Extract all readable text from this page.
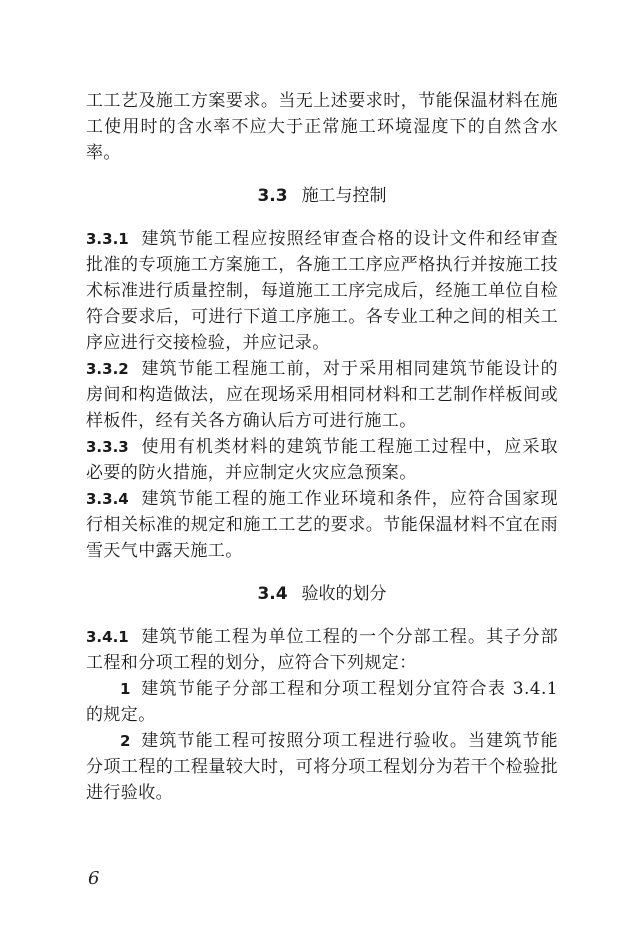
工工艺及施工方案要求。当无上述要求时，节能保温材料在施工使用时的含水率不应大于正常施工环境湿度下的自然含水率。

3.3 施工与控制

3.3.1 建筑节能工程应按照经审查合格的设计文件和经审查批准的专项施工方案施工，各施工工序应严格执行并按施工技术标准进行质量控制，每道施工工序完成后，经施工单位自检符合要求后，可进行下道工序施工。各专业工种之间的相关工序应进行交接检验，并应记录。

3.3.2 建筑节能工程施工前，对于采用相同建筑节能设计的房间和构造做法，应在现场采用相同材料和工艺制作样板间或样板件，经有关各方确认后方可进行施工。

3.3.3 使用有机类材料的建筑节能工程施工过程中，应采取必要的防火措施，并应制定火灾应急预案。

3.3.4 建筑节能工程的施工作业环境和条件，应符合国家现行相关标准的规定和施工工艺的要求。节能保温材料不宜在雨雪天气中露天施工。

3.4 验收的划分

3.4.1 建筑节能工程为单位工程的一个分部工程。其子分部工程和分项工程的划分，应符合下列规定：

1 建筑节能子分部工程和分项工程划分宜符合表 3.4.1 的规定。

2 建筑节能工程可按照分项工程进行验收。当建筑节能分项工程的工程量较大时，可将分项工程划分为若干个检验批进行验收。

6
